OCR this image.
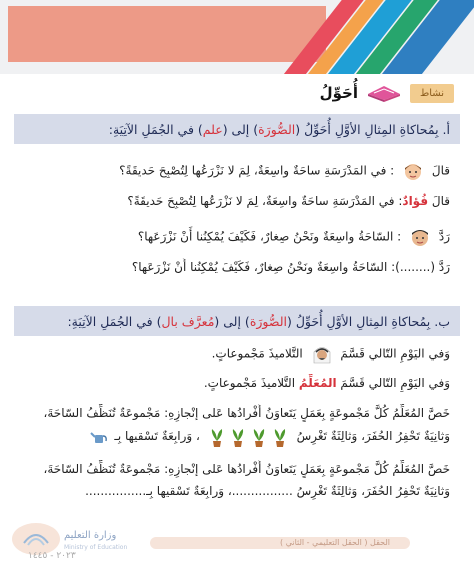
نشاط
أُحَوِّلُ
أ. بِمُحاكاةِ المِثالِ الأوَّلِ أُحَوِّلُ (
الصُّورَة
) إلى (
علم
) في الجُمَلِ الآتِيَةِ:
قالَ  : في المَدْرَسَةِ ساحَةٌ واسِعَةٌ، لِمَ لا نَزْرَعُها لِتُصْبِحَ حَديقَةً؟
قالَ فُؤادٌ: في المَدْرَسَةِ ساحَةٌ واسِعَةٌ، لِمَ لا نَزْرَعُها لِتُصْبِحَ حَديقَةً؟
رَدَّ  : السّاحَةُ واسِعَةٌ ونَحْنُ صِغارٌ، فَكَيْفَ يُمْكِنُنا أَنْ نَزْرَعَها؟
رَدَّ (........): السّاحَةُ واسِعَةٌ ونَحْنُ صِغارٌ، فَكَيْفَ يُمْكِنُنا أَنْ نَزْرَعَها؟
ب. بِمُحاكاةِ المِثالِ الأوَّلِ أُحَوِّلُ (
الصُّورَة
) إلى (
مُعرَّف بال
) في الجُمَلِ الآتِيَةِ:
وَفي اليَوْمِ التّالي قَسَّمَ  التَّلاميذَ مَجْموعاتٍ.
وَفي اليَوْمِ التّالي قَسَّمَ المُعَلِّمُ التَّلاميذَ مَجْموعاتٍ.
خَصَّ المُعَلِّمُ كُلَّ مَجْموعَةٍ بِعَمَلٍ يَتَعاوَنُ أَفْرادُها عَلى إنْجازِهِ: مَجْموعَةٌ تُنَظِّفُ السّاحَةَ،
وَثانِيَةٌ تَحْفِرُ الحُفَرَ، وَثالِثَةٌ تَغْرِسُ
، وَرابِعَةٌ تَسْقيها بِـ
خَصَّ المُعَلِّمُ كُلَّ مَجْموعَةٍ بِعَمَلٍ يَتَعاوَنُ أَفْرادُها عَلى إنْجازِهِ: مَجْموعَةٌ تُنَظِّفُ السّاحَةَ،
وَثانِيَةٌ تَحْفِرُ الحُفَرَ، وَثالِثَةٌ تَغْرِسُ ................، وَرابِعَةٌ تَسْقيها بِـ................
وزارة التعليم
Ministry of Education
٢٠٢٣ - ١٤٤٥
الحقل ( الحقل التعليمي - الثاني )
